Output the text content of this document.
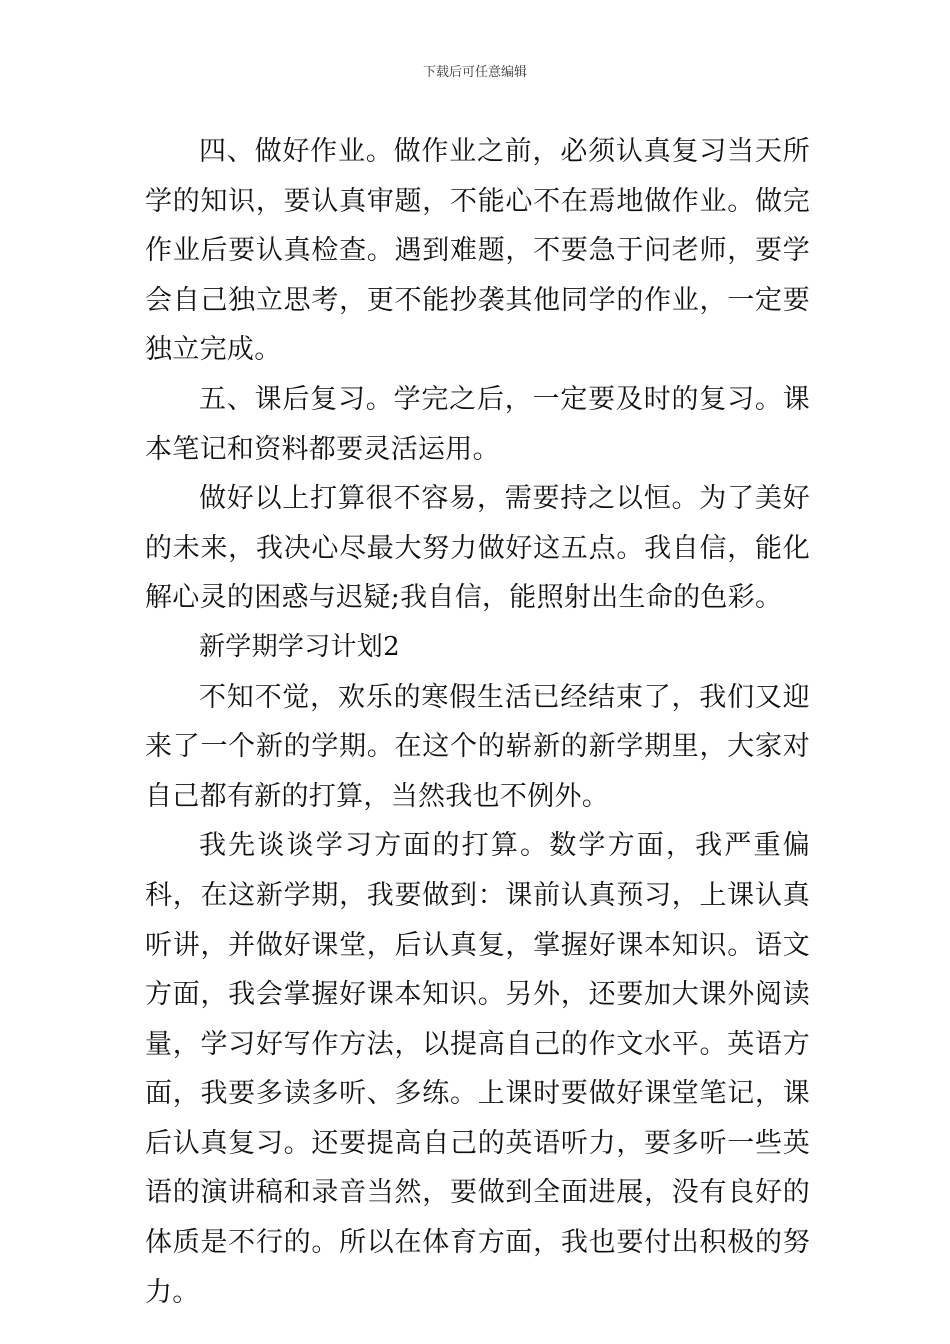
下载后可任意编辑

四、做好作业。做作业之前，必须认真复习当天所学的知识，要认真审题，不能心不在焉地做作业。做完作业后要认真检查。遇到难题，不要急于问老师，要学会自己独立思考，更不能抄袭其他同学的作业，一定要独立完成。

五、课后复习。学完之后，一定要及时的复习。课本笔记和资料都要灵活运用。

做好以上打算很不容易，需要持之以恒。为了美好的未来，我决心尽最大努力做好这五点。我自信，能化解心灵的困惑与迟疑;我自信，能照射出生命的色彩。

新学期学习计划2

不知不觉，欢乐的寒假生活已经结束了，我们又迎来了一个新的学期。在这个的崭新的新学期里，大家对自己都有新的打算，当然我也不例外。

我先谈谈学习方面的打算。数学方面，我严重偏科，在这新学期，我要做到：课前认真预习，上课认真听讲，并做好课堂，后认真复，掌握好课本知识。语文方面，我会掌握好课本知识。另外，还要加大课外阅读量，学习好写作方法，以提高自己的作文水平。英语方面，我要多读多听、多练。上课时要做好课堂笔记，课后认真复习。还要提高自己的英语听力，要多听一些英语的演讲稿和录音当然，要做到全面进展，没有良好的体质是不行的。所以在体育方面，我也要付出积极的努力。
